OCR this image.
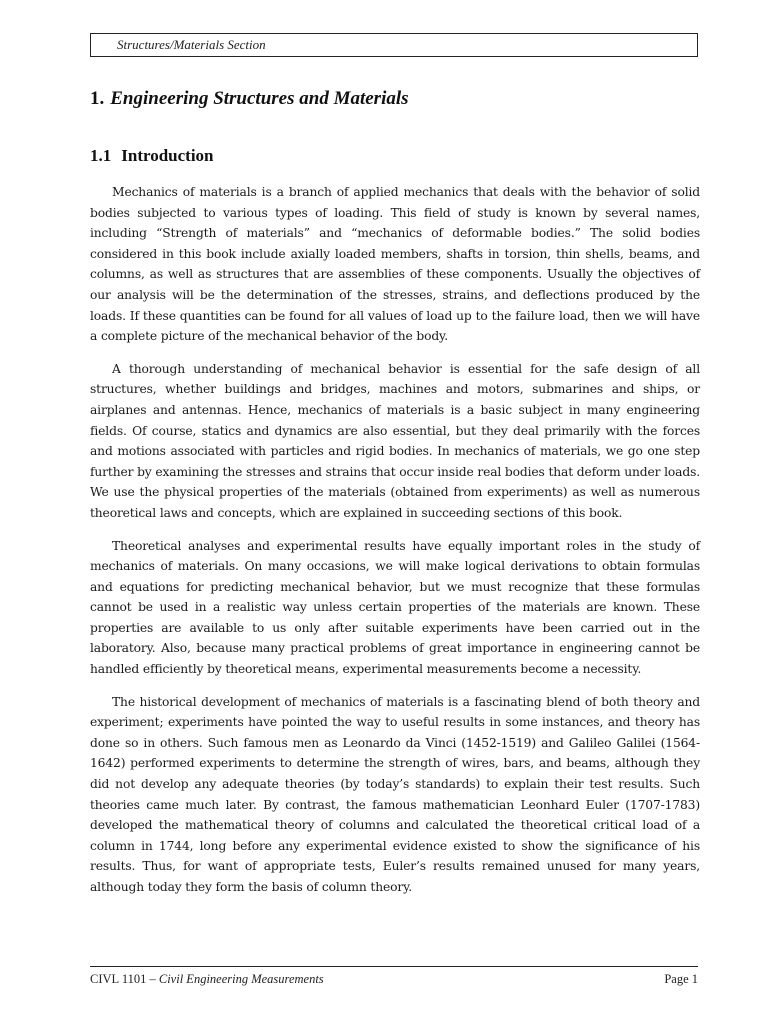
Structures/Materials Section
1. Engineering Structures and Materials
1.1 Introduction

Mechanics of materials is a branch of applied mechanics that deals with the behavior of solid bodies subjected to various types of loading. This field of study is known by several names, including “Strength of materials” and “mechanics of deformable bodies.” The solid bodies considered in this book include axially loaded members, shafts in torsion, thin shells, beams, and columns, as well as structures that are assemblies of these components. Usually the objectives of our analysis will be the determination of the stresses, strains, and deflections produced by the loads. If these quantities can be found for all values of load up to the failure load, then we will have a complete picture of the mechanical behavior of the body.

A thorough understanding of mechanical behavior is essential for the safe design of all structures, whether buildings and bridges, machines and motors, submarines and ships, or airplanes and antennas. Hence, mechanics of materials is a basic subject in many engineering fields. Of course, statics and dynamics are also essential, but they deal primarily with the forces and motions associated with particles and rigid bodies. In mechanics of materials, we go one step further by examining the stresses and strains that occur inside real bodies that deform under loads. We use the physical properties of the materials (obtained from experiments) as well as numerous theoretical laws and concepts, which are explained in succeeding sections of this book.

Theoretical analyses and experimental results have equally important roles in the study of mechanics of materials. On many occasions, we will make logical derivations to obtain formulas and equations for predicting mechanical behavior, but we must recognize that these formulas cannot be used in a realistic way unless certain properties of the materials are known. These properties are available to us only after suitable experiments have been carried out in the laboratory. Also, because many practical problems of great importance in engineering cannot be handled efficiently by theoretical means, experimental measurements become a necessity.

The historical development of mechanics of materials is a fascinating blend of both theory and experiment; experiments have pointed the way to useful results in some instances, and theory has done so in others. Such famous men as Leonardo da Vinci (1452-1519) and Galileo Galilei (1564-1642) performed experiments to determine the strength of wires, bars, and beams, although they did not develop any adequate theories (by today’s standards) to explain their test results. Such theories came much later. By contrast, the famous mathematician Leonhard Euler (1707-1783) developed the mathematical theory of columns and calculated the theoretical critical load of a column in 1744, long before any experimental evidence existed to show the significance of his results. Thus, for want of appropriate tests, Euler’s results remained unused for many years, although today they form the basis of column theory.

CIVL 1101 – Civil Engineering Measurements	Page 1
